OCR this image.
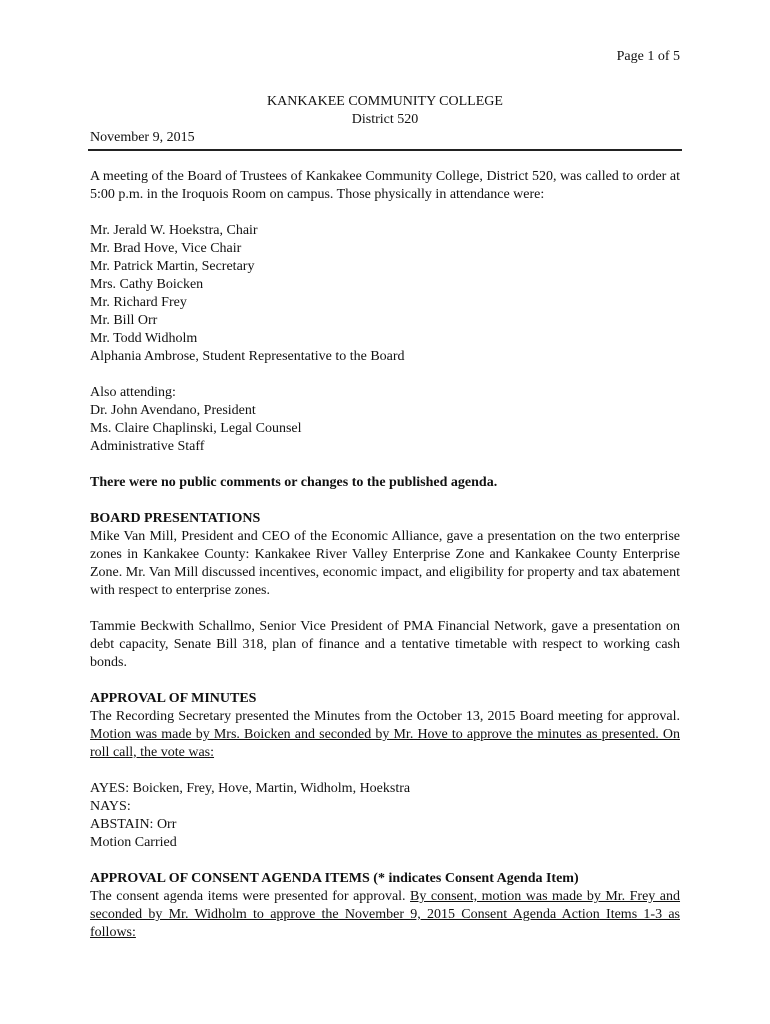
Page 1 of 5
KANKAKEE COMMUNITY COLLEGE
District 520
November 9, 2015

A meeting of the Board of Trustees of Kankakee Community College, District 520, was called to order at 5:00 p.m. in the Iroquois Room on campus. Those physically in attendance were:

Mr. Jerald W. Hoekstra, Chair
Mr. Brad Hove, Vice Chair
Mr. Patrick Martin, Secretary
Mrs. Cathy Boicken
Mr. Richard Frey
Mr. Bill Orr
Mr. Todd Widholm
Alphania Ambrose, Student Representative to the Board
Also attending:
Dr. John Avendano, President
Ms. Claire Chaplinski, Legal Counsel
Administrative Staff

There were no public comments or changes to the published agenda.

BOARD PRESENTATIONS

Mike Van Mill, President and CEO of the Economic Alliance, gave a presentation on the two enterprise zones in Kankakee County: Kankakee River Valley Enterprise Zone and Kankakee County Enterprise Zone. Mr. Van Mill discussed incentives, economic impact, and eligibility for property and tax abatement with respect to enterprise zones.

Tammie Beckwith Schallmo, Senior Vice President of PMA Financial Network, gave a presentation on debt capacity, Senate Bill 318, plan of finance and a tentative timetable with respect to working cash bonds.

APPROVAL OF MINUTES

The Recording Secretary presented the Minutes from the October 13, 2015 Board meeting for approval. Motion was made by Mrs. Boicken and seconded by Mr. Hove to approve the minutes as presented. On roll call, the vote was:

AYES: Boicken, Frey, Hove, Martin, Widholm, Hoekstra
NAYS:
ABSTAIN: Orr
Motion Carried
APPROVAL OF CONSENT AGENDA ITEMS (* indicates Consent Agenda Item)

The consent agenda items were presented for approval. By consent, motion was made by Mr. Frey and seconded by Mr. Widholm to approve the November 9, 2015 Consent Agenda Action Items 1-3 as follows:
